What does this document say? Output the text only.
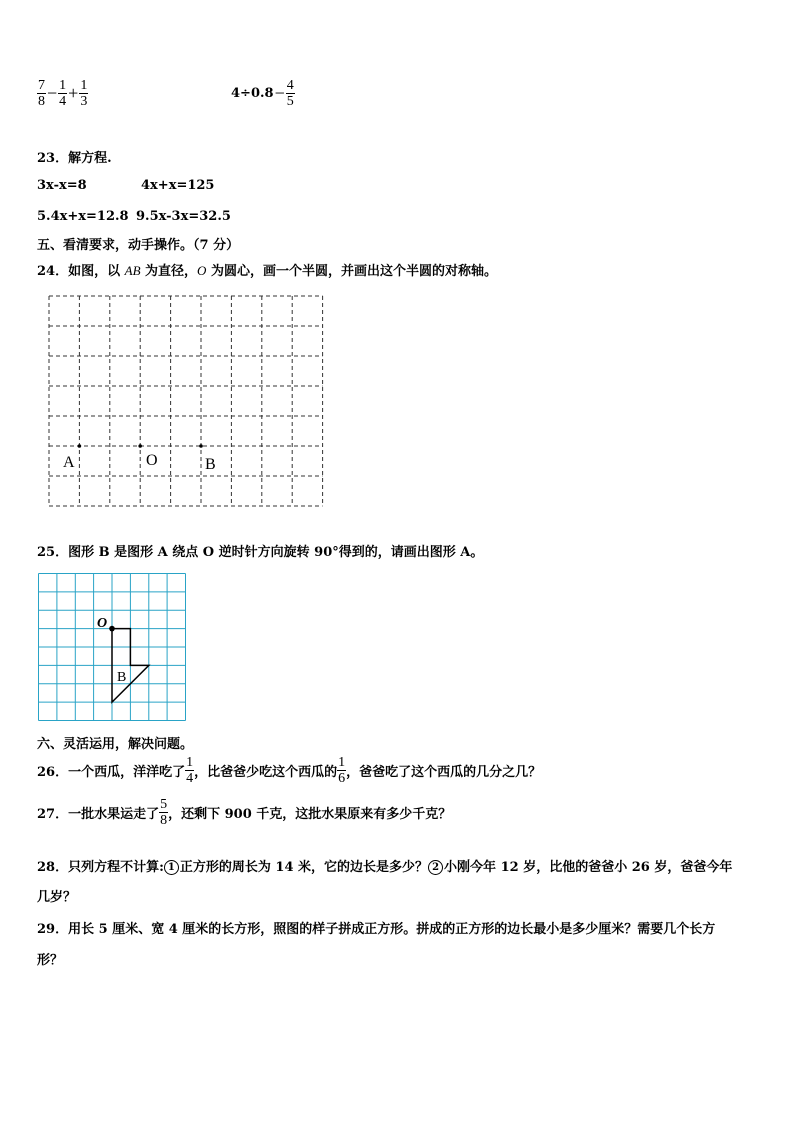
$\frac{7}{8} - \frac{1}{4} + \frac{1}{3}$	$4\div 0.8- \frac{4}{5}$
23．解方程.
3x-x=8	4x+x=125
5.4x+x=12.8 9.5x-3x=32.5
五、看清要求，动手操作。（7 分）
24．如图，以 AB 为直径，O 为圆心，画一个半圆，并画出这个半圆的对称轴。
A	O	B
25．图形 B 是图形 A 绕点 O 逆时针方向旋转 90°得到的，请画出图形 A。
O
B
六、灵活运用，解决问题。
26．一个西瓜，洋洋吃了 $\frac{1}{4}$ ，比爸爸少吃这个西瓜的 $\frac{1}{6}$ ，爸爸吃了这个西瓜的几分之几？
27．一批水果运走了 $\frac{5}{8}$ ，还剩下 900 千克，这批水果原来有多少千克？
28．只列方程不计算: 1 正方形的周长为 14 米，它的边长是多少？ 2 小刚今年 12 岁，比他的爸爸小 26 岁，爸爸今年
几岁？
29．用长 5 厘米、宽 4 厘米的长方形，照图的样子拼成正方形。拼成的正方形的边长最小是多少厘米？需要几个长方
形？
